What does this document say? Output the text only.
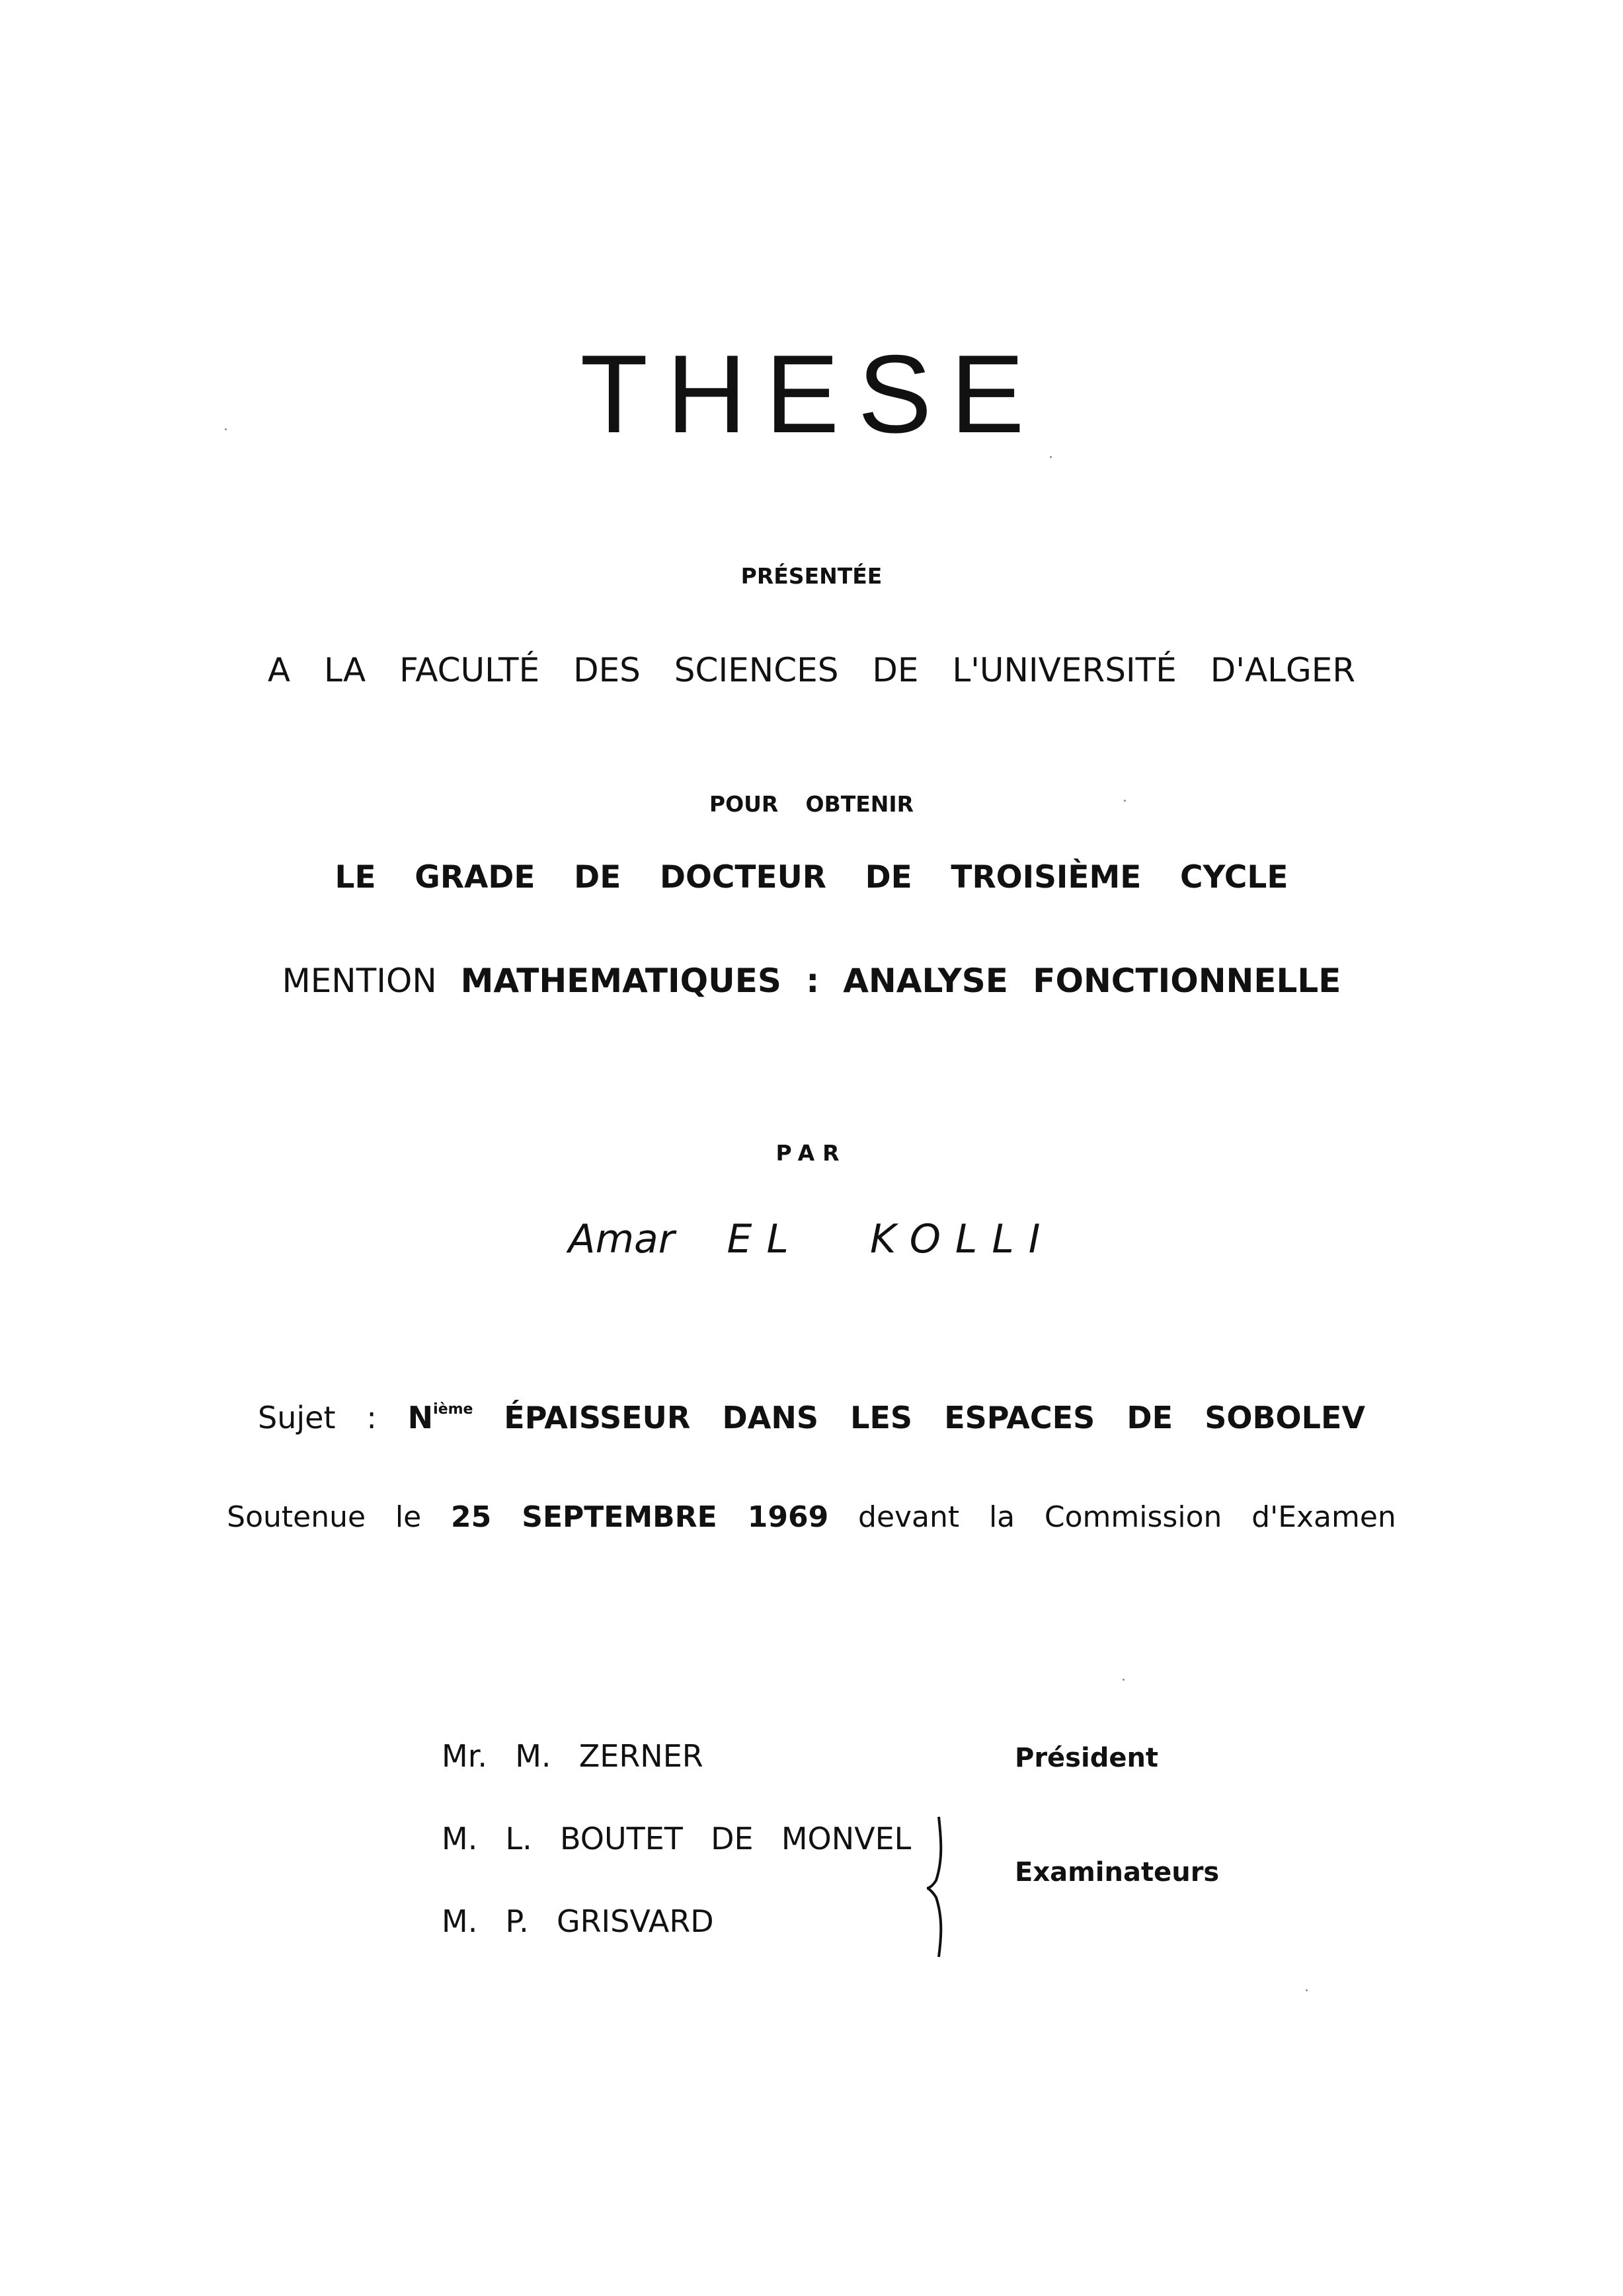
THESE
PRÉSENTÉE
A LA FACULTÉ DES SCIENCES DE L'UNIVERSITÉ D'ALGER
POUR OBTENIR
LE GRADE DE DOCTEUR DE TROISIÈME CYCLE
MENTION MATHEMATIQUES : ANALYSE FONCTIONNELLE
PAR
Amar EL KOLLI
Sujet : $N^{ième}$ ÉPAISSEUR DANS LES ESPACES DE SOBOLEV
Soutenue le 25 SEPTEMBRE 1969 devant la Commission d'Examen
Mr. M. ZERNER
M. L. BOUTET DE MONVEL
M. P. GRISVARD
Président
Examinateurs
